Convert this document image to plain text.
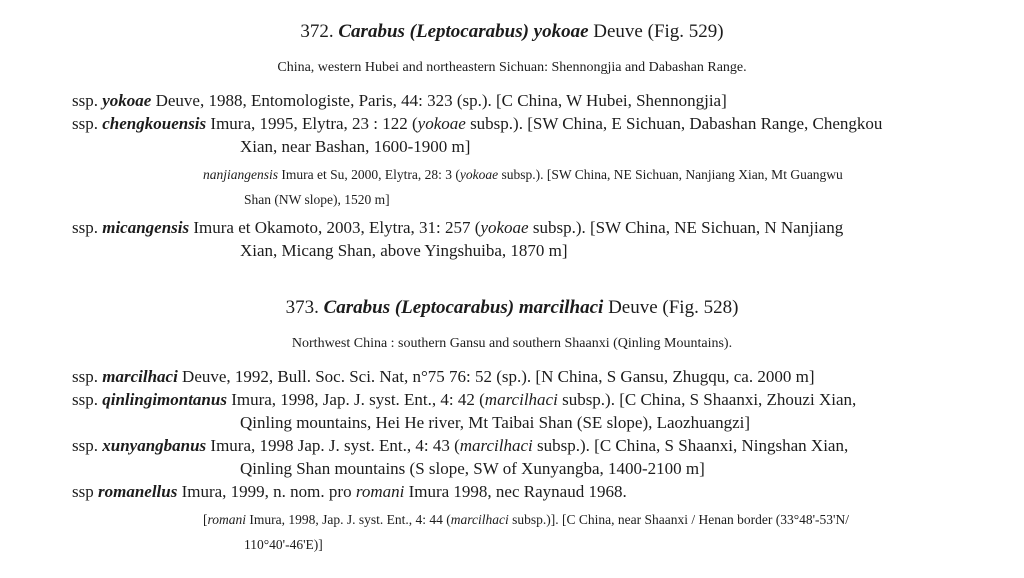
372. Carabus (Leptocarabus) yokoae Deuve (Fig. 529)
China, western Hubei and northeastern Sichuan: Shennongjia and Dabashan Range.
ssp. yokoae Deuve, 1988, Entomologiste, Paris, 44: 323 (sp.). [C China, W Hubei, Shennongjia]
ssp. chengkouensis Imura, 1995, Elytra, 23 : 122 (yokoae subsp.). [SW China, E Sichuan, Dabashan Range, Chengkou
Xian, near Bashan, 1600-1900 m]
nanjiangensis Imura et Su, 2000, Elytra, 28: 3 (yokoae subsp.). [SW China, NE Sichuan, Nanjiang Xian, Mt Guangwu
Shan (NW slope), 1520 m]
ssp. micangensis Imura et Okamoto, 2003, Elytra, 31: 257 (yokoae subsp.). [SW China, NE Sichuan, N Nanjiang
Xian, Micang Shan, above Yingshuiba, 1870 m]
373. Carabus (Leptocarabus) marcilhaci Deuve (Fig. 528)
Northwest China : southern Gansu and southern Shaanxi (Qinling Mountains).
ssp. marcilhaci Deuve, 1992, Bull. Soc. Sci. Nat, n°75 76: 52 (sp.). [N China, S Gansu, Zhugqu, ca. 2000 m]
ssp. qinlingimontanus Imura, 1998, Jap. J. syst. Ent., 4: 42 (marcilhaci subsp.). [C China, S Shaanxi, Zhouzi Xian,
Qinling mountains, Hei He river, Mt Taibai Shan (SE slope), Laozhuangzi]
ssp. xunyangbanus Imura, 1998 Jap. J. syst. Ent., 4: 43 (marcilhaci subsp.). [C China, S Shaanxi, Ningshan Xian,
Qinling Shan mountains (S slope, SW of Xunyangba, 1400-2100 m]
ssp romanellus Imura, 1999, n. nom. pro romani Imura 1998, nec Raynaud 1968.
[romani Imura, 1998, Jap. J. syst. Ent., 4: 44 (marcilhaci subsp.)]. [C China, near Shaanxi / Henan border (33°48'-53'N/
110°40'-46'E)]
